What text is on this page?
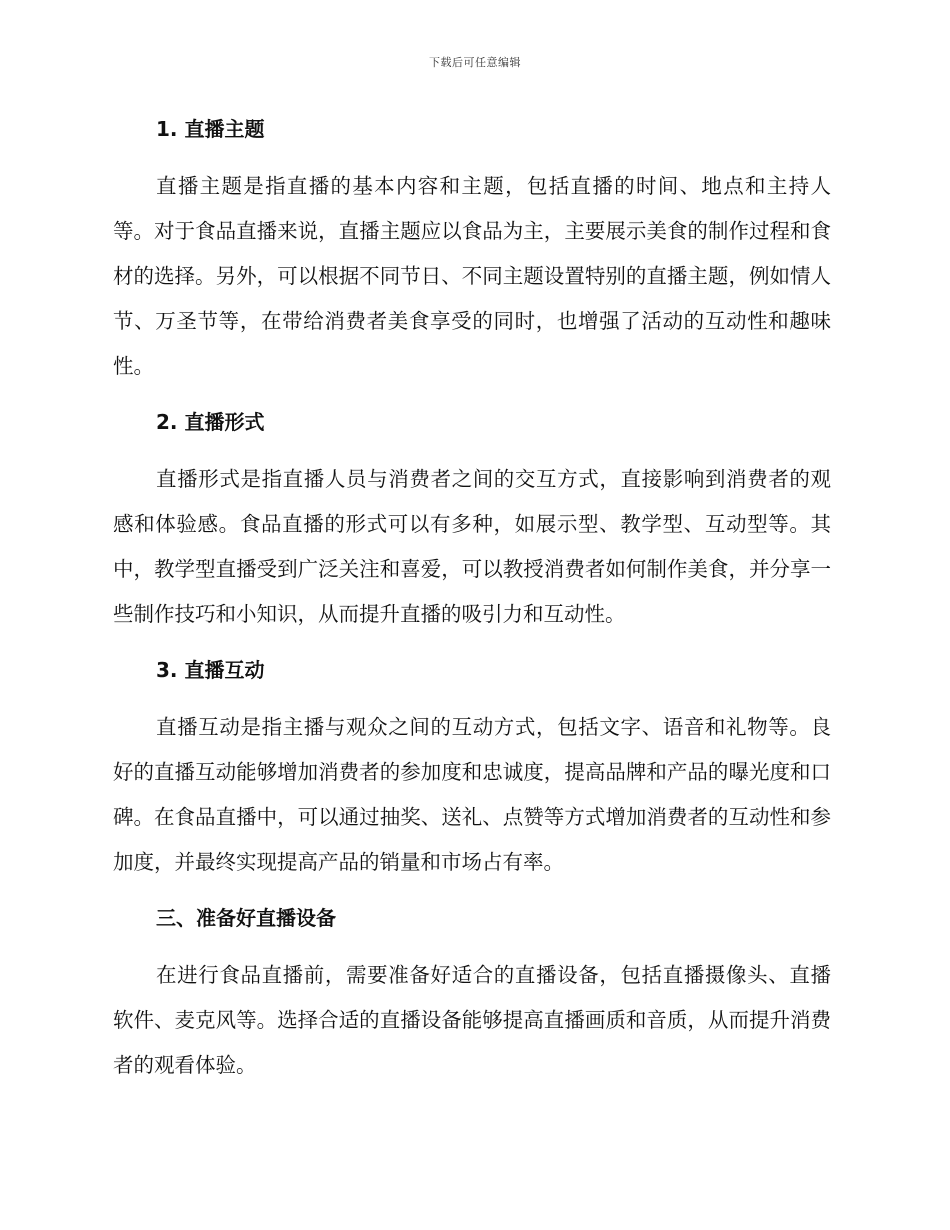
下载后可任意编辑
1. 直播主题

直播主题是指直播的基本内容和主题，包括直播的时间、地点和主持人等。对于食品直播来说，直播主题应以食品为主，主要展示美食的制作过程和食材的选择。另外，可以根据不同节日、不同主题设置特别的直播主题，例如情人节、万圣节等，在带给消费者美食享受的同时，也增强了活动的互动性和趣味性。

2. 直播形式

直播形式是指直播人员与消费者之间的交互方式，直接影响到消费者的观感和体验感。食品直播的形式可以有多种，如展示型、教学型、互动型等。其中，教学型直播受到广泛关注和喜爱，可以教授消费者如何制作美食，并分享一些制作技巧和小知识，从而提升直播的吸引力和互动性。

3. 直播互动

直播互动是指主播与观众之间的互动方式，包括文字、语音和礼物等。良好的直播互动能够增加消费者的参加度和忠诚度，提高品牌和产品的曝光度和口碑。在食品直播中，可以通过抽奖、送礼、点赞等方式增加消费者的互动性和参加度，并最终实现提高产品的销量和市场占有率。

三、准备好直播设备

在进行食品直播前，需要准备好适合的直播设备，包括直播摄像头、直播软件、麦克风等。选择合适的直播设备能够提高直播画质和音质，从而提升消费者的观看体验。
